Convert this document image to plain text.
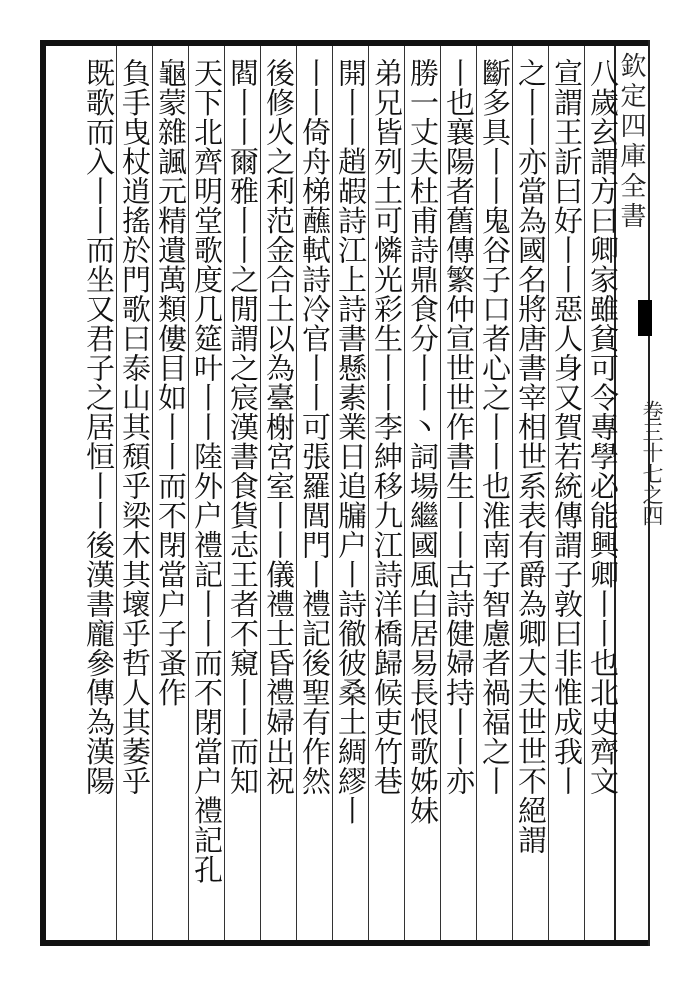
欽定四庫全書
卷三十七之四
八歲玄謂方曰卿家雖貧可令專學必能興卿丨丨也北史齊文
宣謂王訢曰好丨丨惡人身又賀若統傳謂子敦曰非惟成我丨
之丨丨亦當為國名將唐書宰相世系表有爵為卿大夫世世不絕謂
斷多具丨丨鬼谷子口者心之丨丨也淮南子智慮者禍福之丨
丨也襄陽者舊傳繁仲宣世世作書生丨丨古詩健婦持丨丨亦
勝一丈夫杜甫詩鼎食分丨丨丶詞場繼國風白居易長恨歌姊妹
弟兄皆列土可憐光彩生丨丨李紳移九江詩洋橋歸候吏竹巷
開丨丨趙嘏詩江上詩書懸素業日追牖户丨詩徹彼桑土綢繆丨
丨丨倚舟梯蘸軾詩冷官丨丨可張羅閭門丨禮記後聖有作然
後修火之利范金合土以為臺榭宮室丨丨儀禮士昏禮婦出祝
閻丨丨爾雅丨丨之閒謂之宸漢書食貨志王者不窺丨丨而知
天下北齊明堂歌度几筵叶丨丨陸外户禮記丨丨而不閉當户禮記孔
龜蒙雜諷元精遺萬類僂目如丨丨而不閉當户子蚤作
負手曳杖逍搖於門歌曰泰山其頹乎梁木其壞乎哲人其萎乎
既歌而入丨丨而坐又君子之居恒丨丨後漢書龐參傳為漢陽
